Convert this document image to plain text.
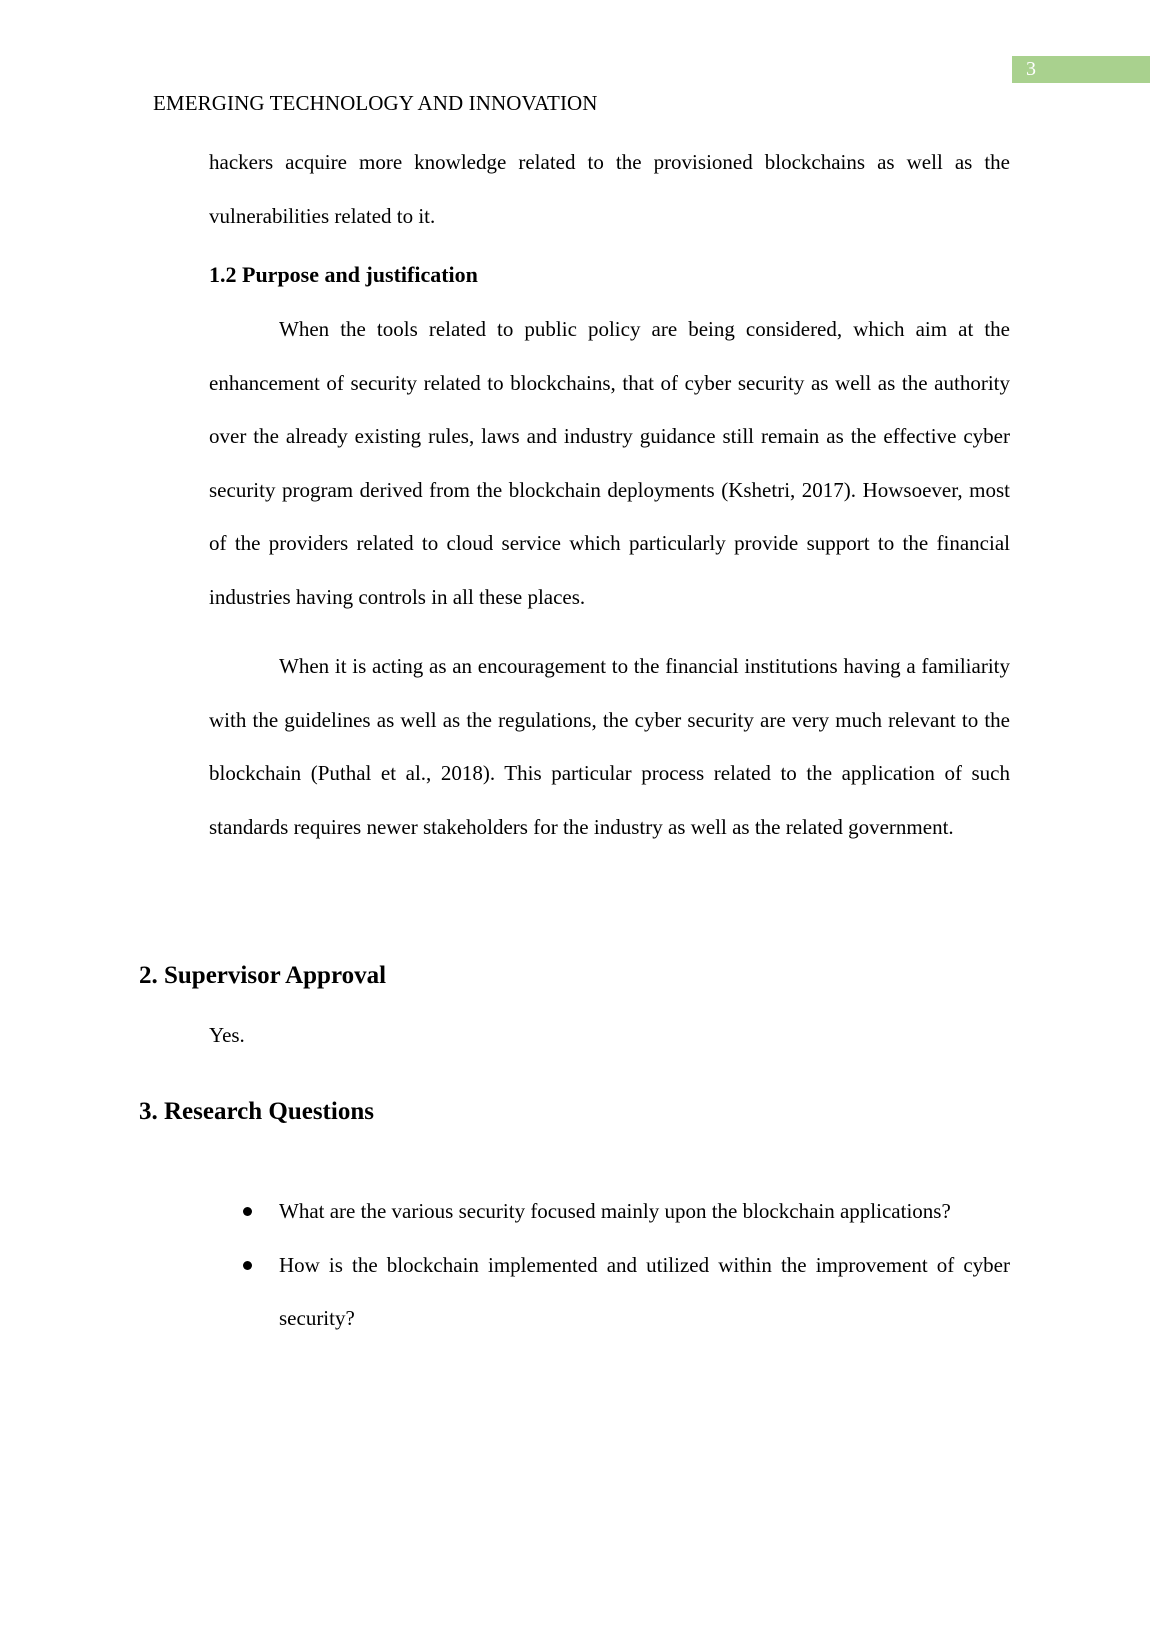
3
EMERGING TECHNOLOGY AND INNOVATION

hackers acquire more knowledge related to the provisioned blockchains as well as the vulnerabilities related to it.

1.2 Purpose and justification

When the tools related to public policy are being considered, which aim at the enhancement of security related to blockchains, that of cyber security as well as the authority over the already existing rules, laws and industry guidance still remain as the effective cyber security program derived from the blockchain deployments (Kshetri, 2017). Howsoever, most of the providers related to cloud service which particularly provide support to the financial industries having controls in all these places.

When it is acting as an encouragement to the financial institutions having a familiarity with the guidelines as well as the regulations, the cyber security are very much relevant to the blockchain (Puthal et al., 2018). This particular process related to the application of such standards requires newer stakeholders for the industry as well as the related government.

2. Supervisor Approval

Yes.

3. Research Questions
What are the various security focused mainly upon the blockchain applications?
How is the blockchain implemented and utilized within the improvement of cyber security?
